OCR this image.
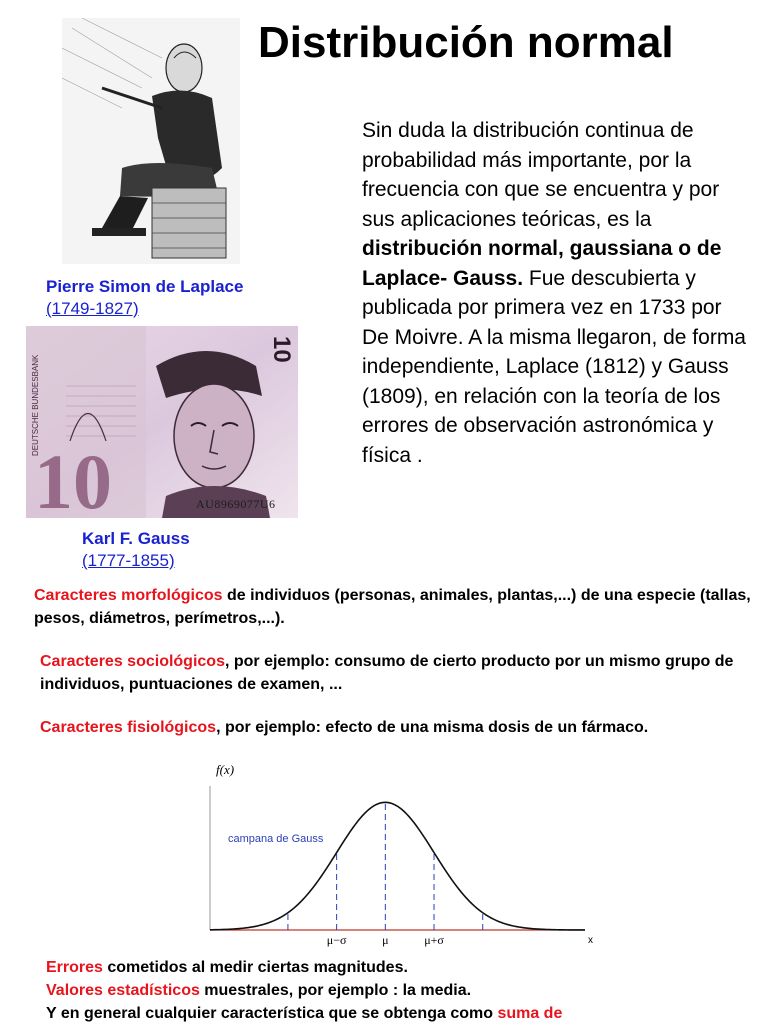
Distribución normal
Pierre Simon de Laplace
(1749-1827)
DEUTSCHE BUNDESBANK
10
10
AU8969077U6
Karl F. Gauss
(1777-1855)
Sin duda la distribución continua de probabilidad más importante, por la frecuencia con que se encuentra y por sus aplicaciones teóricas, es la distribución normal, gaussiana o de Laplace- Gauss. Fue descubierta y publicada por primera vez en 1733 por De Moivre. A la misma llegaron, de forma independiente, Laplace (1812) y Gauss (1809), en relación con la teoría de los errores de observación astronómica y física .
Caracteres morfológicos de individuos (personas, animales, plantas,...) de una especie (tallas, pesos, diámetros, perímetros,...).
Caracteres sociológicos, por ejemplo: consumo de cierto producto por un mismo grupo de individuos, puntuaciones de examen, ...
Caracteres fisiológicos, por ejemplo: efecto de una misma dosis de un fármaco.
f(x)
x
campana de Gauss
μ−σ	μ	μ+σ
Errores cometidos al medir ciertas magnitudes.
Valores estadísticos muestrales, por ejemplo : la media.
Y en general cualquier característica que se obtenga como suma de
